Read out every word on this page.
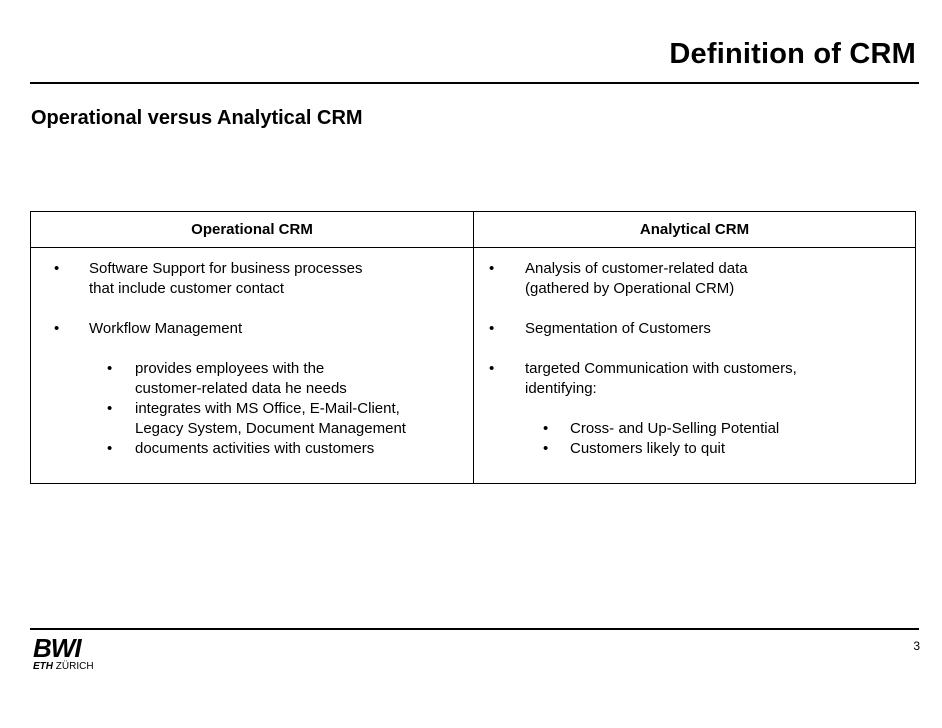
Definition of CRM
Operational versus Analytical CRM
Operational CRM	Analytical CRM
• Software Support for business processes
that include customer contact
• Workflow Management
• provides employees with the
customer-related data he needs
• integrates with MS Office, E-Mail-Client,
Legacy System, Document Management
• documents activities with customers
• Analysis of customer-related data
(gathered by Operational CRM)
• Segmentation of Customers
• targeted Communication with customers,
identifying:
• Cross- and Up-Selling Potential
• Customers likely to quit
BWI
ETH ZÜRICH
3
